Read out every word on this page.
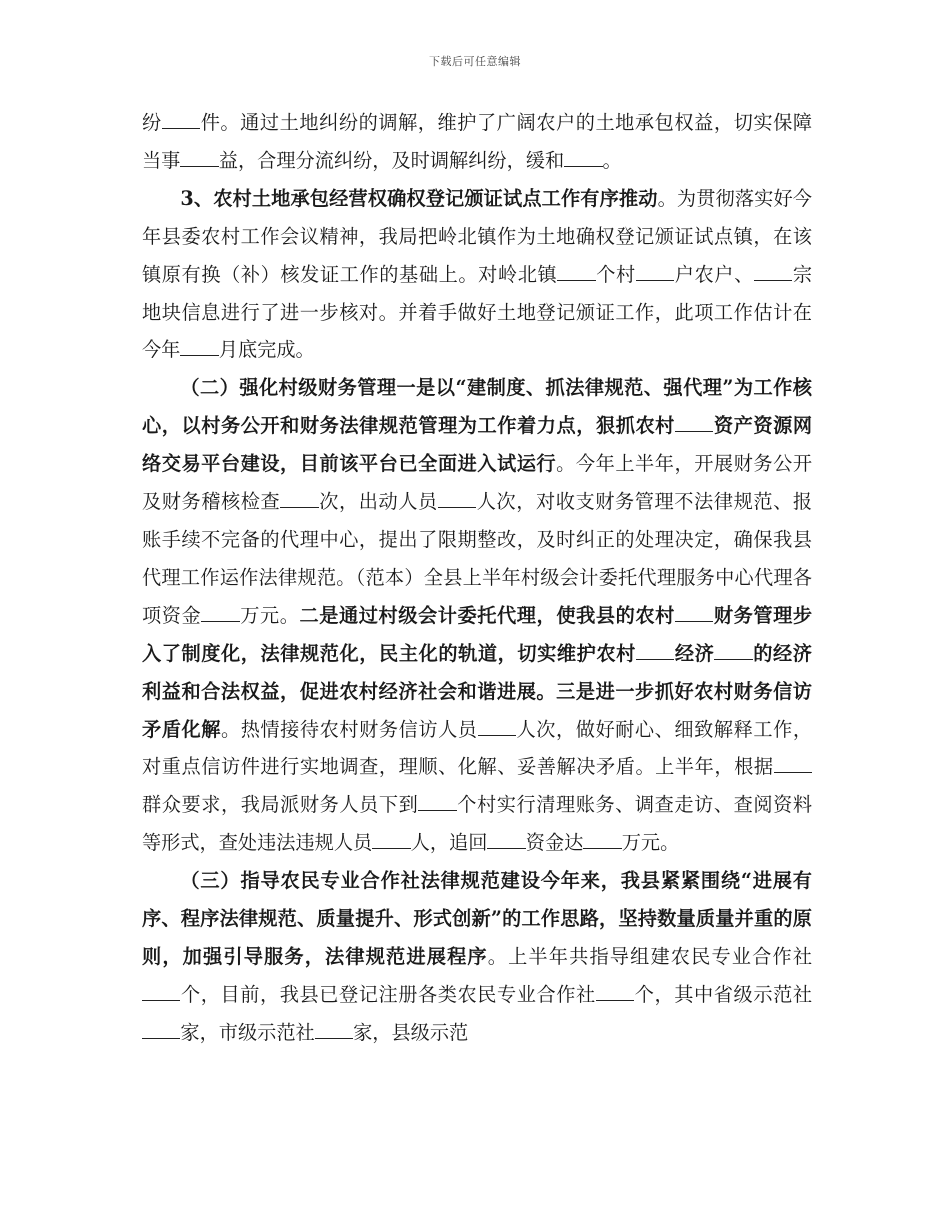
下载后可任意编辑

纷 件。通过土地纠纷的调解，维护了广阔农户的土地承包权益，切实保障当事 益，合理分流纠纷，及时调解纠纷，缓和 。

3、农村土地承包经营权确权登记颁证试点工作有序推动。为贯彻落实好今年县委农村工作会议精神，我局把岭北镇作为土地确权登记颁证试点镇，在该镇原有换（补）核发证工作的基础上。对岭北镇 个村 户农户、 宗地块信息进行了进一步核对。并着手做好土地登记颁证工作，此项工作估计在今年 月底完成。

（二）强化村级财务管理一是以“建制度、抓法律规范、强代理”为工作核心，以村务公开和财务法律规范管理为工作着力点，狠抓农村 资产资源网络交易平台建设，目前该平台已全面进入试运行。今年上半年，开展财务公开及财务稽核检查 次，出动人员 人次，对收支财务管理不法律规范、报账手续不完备的代理中心，提出了限期整改，及时纠正的处理决定，确保我县代理工作运作法律规范。（范本）全县上半年村级会计委托代理服务中心代理各项资金 万元。二是通过村级会计委托代理，使我县的农村 财务管理步入了制度化，法律规范化，民主化的轨道，切实维护农村 经济 的经济利益和合法权益，促进农村经济社会和谐进展。三是进一步抓好农村财务信访矛盾化解。热情接待农村财务信访人员 人次，做好耐心、细致解释工作，对重点信访件进行实地调查，理顺、化解、妥善解决矛盾。上半年，根据群众要求，我局派财务人员下到 个村实行清理账务、调查走访、查阅资料等形式，查处违法违规人员 人，追回 资金达 万元。

（三）指导农民专业合作社法律规范建设今年来，我县紧紧围绕“进展有序、程序法律规范、质量提升、形式创新”的工作思路，坚持数量质量并重的原则，加强引导服务，法律规范进展程序。上半年共指导组建农民专业合作社个，目前，我县已登记注册各类农民专业合作社 个，其中省级示范社家，市级示范社 家，县级示范
